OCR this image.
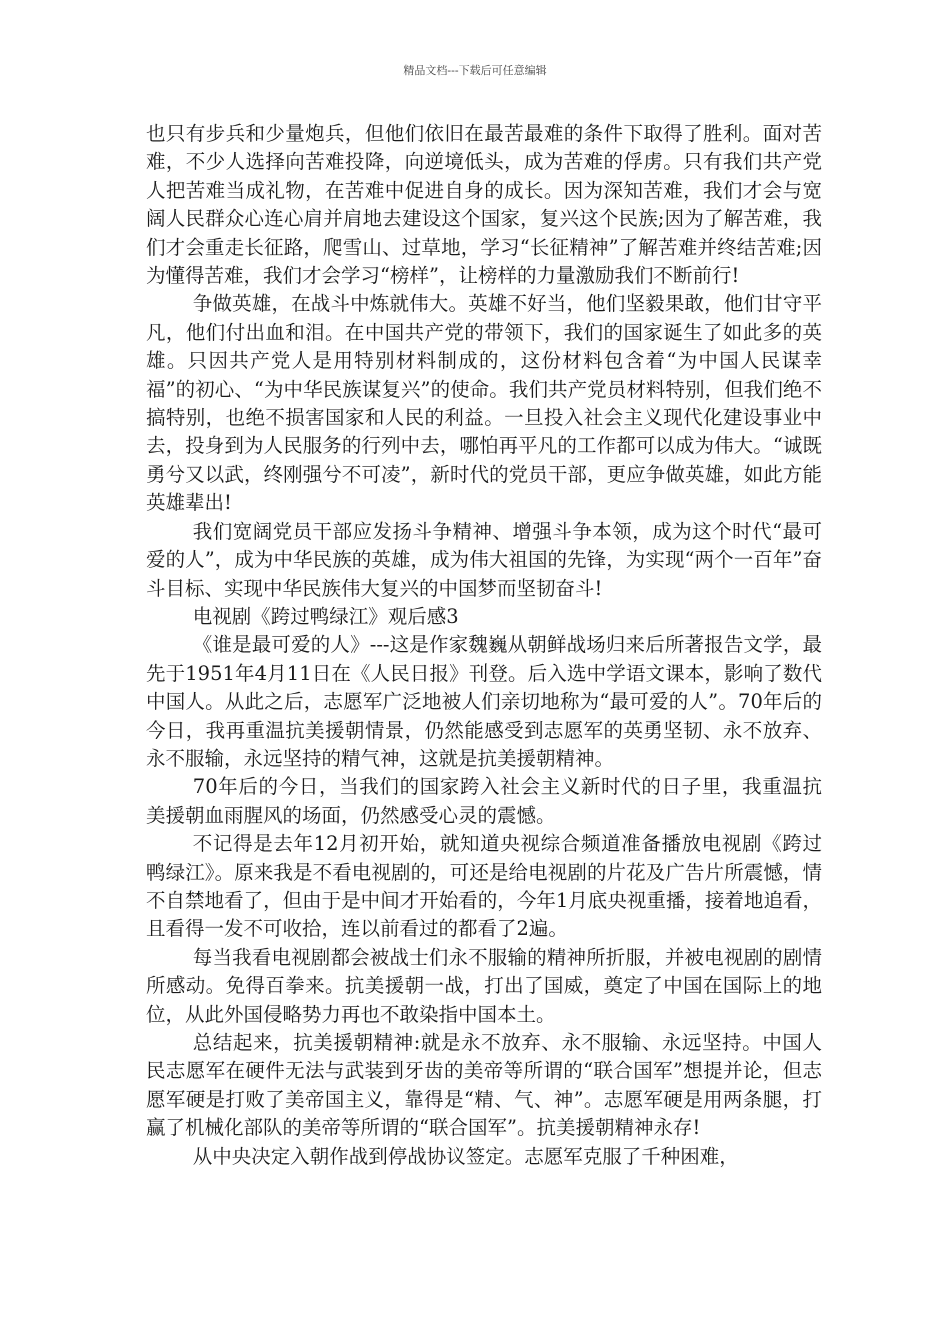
精品文档---下载后可任意编辑

也只有步兵和少量炮兵，但他们依旧在最苦最难的条件下取得了胜利。面对苦难，不少人选择向苦难投降，向逆境低头，成为苦难的俘虏。只有我们共产党人把苦难当成礼物，在苦难中促进自身的成长。因为深知苦难，我们才会与宽阔人民群众心连心肩并肩地去建设这个国家，复兴这个民族;因为了解苦难，我们才会重走长征路，爬雪山、过草地，学习“长征精神”了解苦难并终结苦难;因为懂得苦难，我们才会学习“榜样”，让榜样的力量激励我们不断前行!

争做英雄，在战斗中炼就伟大。英雄不好当，他们坚毅果敢，他们甘守平凡，他们付出血和泪。在中国共产党的带领下，我们的国家诞生了如此多的英雄。只因共产党人是用特别材料制成的，这份材料包含着“为中国人民谋幸福”的初心、“为中华民族谋复兴”的使命。我们共产党员材料特别，但我们绝不搞特别，也绝不损害国家和人民的利益。一旦投入社会主义现代化建设事业中去，投身到为人民服务的行列中去，哪怕再平凡的工作都可以成为伟大。“诚既勇兮又以武，终刚强兮不可凌”，新时代的党员干部，更应争做英雄，如此方能英雄辈出!

我们宽阔党员干部应发扬斗争精神、增强斗争本领，成为这个时代“最可爱的人”，成为中华民族的英雄，成为伟大祖国的先锋，为实现“两个一百年”奋斗目标、实现中华民族伟大复兴的中国梦而坚韧奋斗!

电视剧《跨过鸭绿江》观后感3

《谁是最可爱的人》---这是作家魏巍从朝鲜战场归来后所著报告文学，最先于1951年4月11日在《人民日报》刊登。后入选中学语文课本，影响了数代中国人。从此之后，志愿军广泛地被人们亲切地称为“最可爱的人”。70年后的今日，我再重温抗美援朝情景，仍然能感受到志愿军的英勇坚韧、永不放弃、永不服输，永远坚持的精气神，这就是抗美援朝精神。

70年后的今日，当我们的国家跨入社会主义新时代的日子里，我重温抗美援朝血雨腥风的场面，仍然感受心灵的震憾。

不记得是去年12月初开始，就知道央视综合频道准备播放电视剧《跨过鸭绿江》。原来我是不看电视剧的，可还是给电视剧的片花及广告片所震憾，情不自禁地看了，但由于是中间才开始看的，今年1月底央视重播，接着地追看，且看得一发不可收拾，连以前看过的都看了2遍。

每当我看电视剧都会被战士们永不服输的精神所折服，并被电视剧的剧情所感动。免得百拳来。抗美援朝一战，打出了国威，奠定了中国在国际上的地位，从此外国侵略势力再也不敢染指中国本土。

总结起来，抗美援朝精神:就是永不放弃、永不服输、永远坚持。中国人民志愿军在硬件无法与武装到牙齿的美帝等所谓的“联合国军”想提并论，但志愿军硬是打败了美帝国主义，靠得是“精、气、神”。志愿军硬是用两条腿，打赢了机械化部队的美帝等所谓的“联合国军”。抗美援朝精神永存!

从中央决定入朝作战到停战协议签定。志愿军克服了千种困难，
